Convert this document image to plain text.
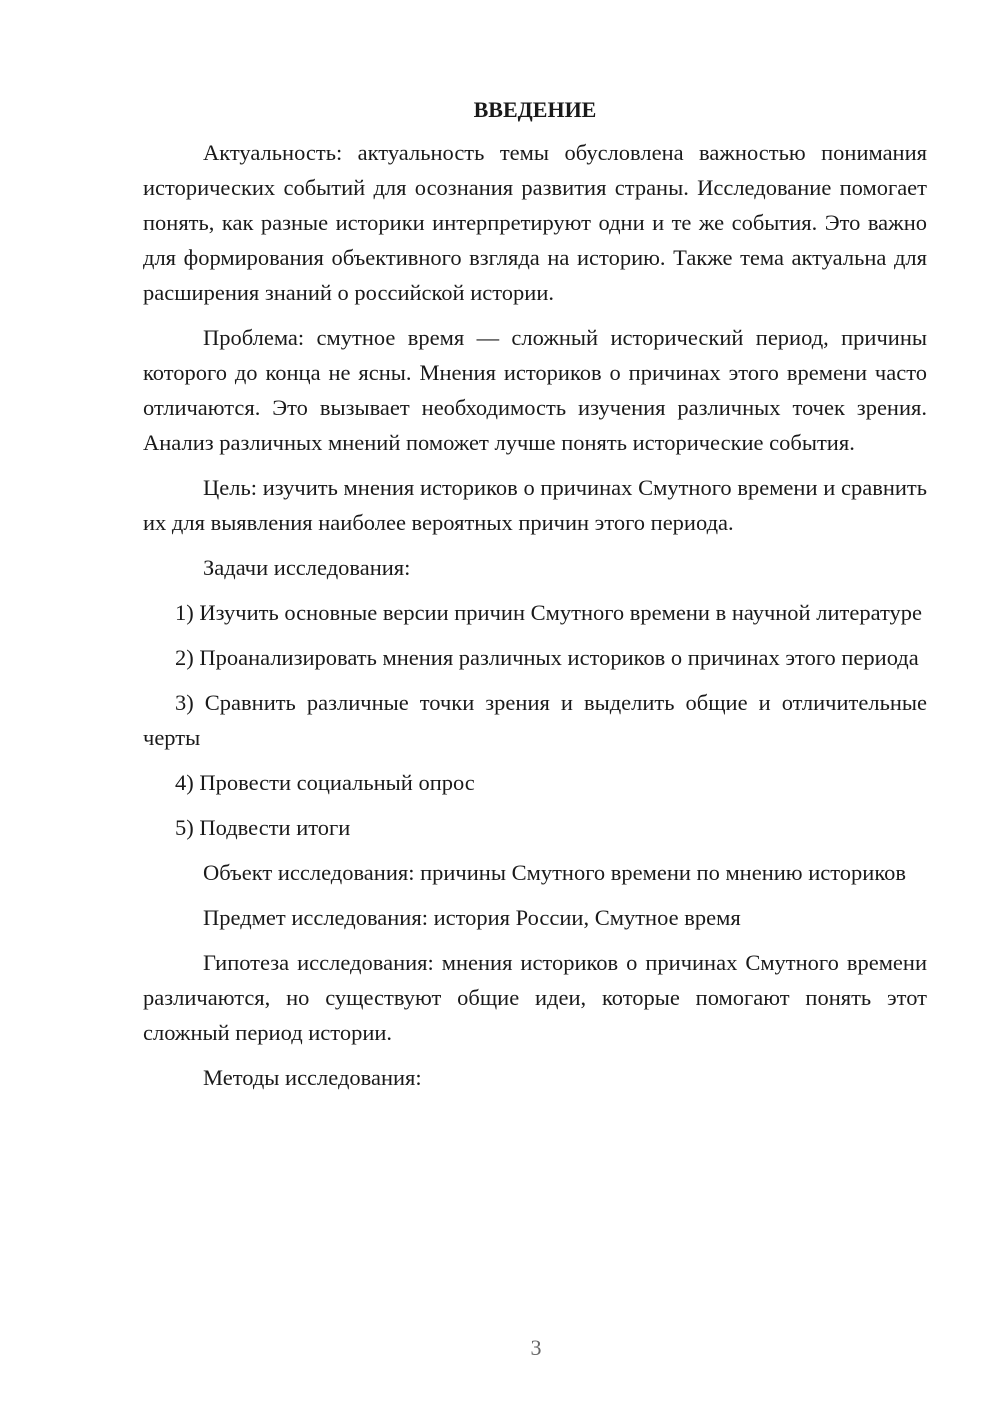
ВВЕДЕНИЕ

Актуальность: актуальность темы обусловлена важностью понимания исторических событий для осознания развития страны. Исследование помогает понять, как разные историки интерпретируют одни и те же события. Это важно для формирования объективного взгляда на историю. Также тема актуальна для расширения знаний о российской истории.

Проблема: смутное время — сложный исторический период, причины которого до конца не ясны. Мнения историков о причинах этого времени часто отличаются. Это вызывает необходимость изучения различных точек зрения. Анализ различных мнений поможет лучше понять исторические события.

Цель: изучить мнения историков о причинах Смутного времени и сравнить их для выявления наиболее вероятных причин этого периода.

Задачи исследования:

1) Изучить основные версии причин Смутного времени в научной литературе

2) Проанализировать мнения различных историков о причинах этого периода

3) Сравнить различные точки зрения и выделить общие и отличительные черты

4) Провести социальный опрос

5) Подвести итоги

Объект исследования: причины Смутного времени по мнению историков

Предмет исследования: история России, Смутное время

Гипотеза исследования: мнения историков о причинах Смутного времени различаются, но существуют общие идеи, которые помогают понять этот сложный период истории.

Методы исследования:

3
